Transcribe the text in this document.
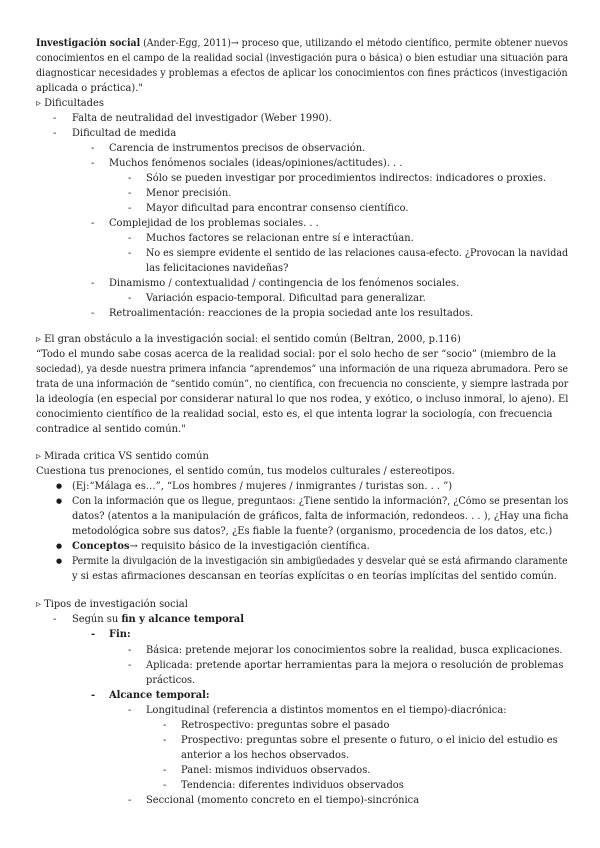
Investigación social (Ander-Egg, 2011)→ proceso que, utilizando el método científico, permite obtener nuevos
conocimientos en el campo de la realidad social (investigación pura o básica) o bien estudiar una situación para
diagnosticar necesidades y problemas a efectos de aplicar los conocimientos con fines prácticos (investigación
aplicada o práctica)."
▹ Dificultades
- Falta de neutralidad del investigador (Weber 1990).
- Dificultad de medida
- Carencia de instrumentos precisos de observación.
- Muchos fenómenos sociales (ideas/opiniones/actitudes). . .
- Sólo se pueden investigar por procedimientos indirectos: indicadores o proxies.
- Menor precisión.
- Mayor dificultad para encontrar consenso científico.
- Complejidad de los problemas sociales. . .
- Muchos factores se relacionan entre sí e interactúan.
- No es siempre evidente el sentido de las relaciones causa-efecto. ¿Provocan la navidad
las felicitaciones navideñas?
- Dinamismo / contextualidad / contingencia de los fenómenos sociales.
- Variación espacio-temporal. Dificultad para generalizar.
- Retroalimentación: reacciones de la propia sociedad ante los resultados.
▹ El gran obstáculo a la investigación social: el sentido común (Beltran, 2000, p.116)
“Todo el mundo sabe cosas acerca de la realidad social: por el solo hecho de ser “socio” (miembro de la
sociedad), ya desde nuestra primera infancia “aprendemos” una información de una riqueza abrumadora. Pero se
trata de una información de “sentido común”, no científica, con frecuencia no consciente, y siempre lastrada por
la ideología (en especial por considerar natural lo que nos rodea, y exótico, o incluso inmoral, lo ajeno). El
conocimiento científico de la realidad social, esto es, el que intenta lograr la sociología, con frecuencia
contradice al sentido común."
▹ Mirada critica VS sentido común
Cuestiona tus prenociones, el sentido común, tus modelos culturales / estereotipos.
● (Ej:“Málaga es…”, “Los hombres / mujeres / inmigrantes / turistas son. . . ”)
● Con la información que os llegue, preguntaos: ¿Tiene sentido la información?, ¿Cómo se presentan los
datos? (atentos a la manipulación de gráficos, falta de información, redondeos. . . ), ¿Hay una ficha
metodológica sobre sus datos?, ¿Es fiable la fuente? (organismo, procedencia de los datos, etc.)
● Conceptos→ requisito básico de la investigación científica.
● Permite la divulgación de la investigación sin ambigüedades y desvelar qué se está afirmando claramente
y si estas afirmaciones descansan en teorías explícitas o en teorías implícitas del sentido común.
▹ Tipos de investigación social
- Según su fin y alcance temporal
- Fin:
- Básica: pretende mejorar los conocimientos sobre la realidad, busca explicaciones.
- Aplicada: pretende aportar herramientas para la mejora o resolución de problemas
prácticos.
- Alcance temporal:
- Longitudinal (referencia a distintos momentos en el tiempo)-diacrónica:
- Retrospectivo: preguntas sobre el pasado
- Prospectivo: preguntas sobre el presente o futuro, o el inicio del estudio es
anterior a los hechos observados.
- Panel: mismos individuos observados.
- Tendencia: diferentes individuos observados
- Seccional (momento concreto en el tiempo)-sincrónica
